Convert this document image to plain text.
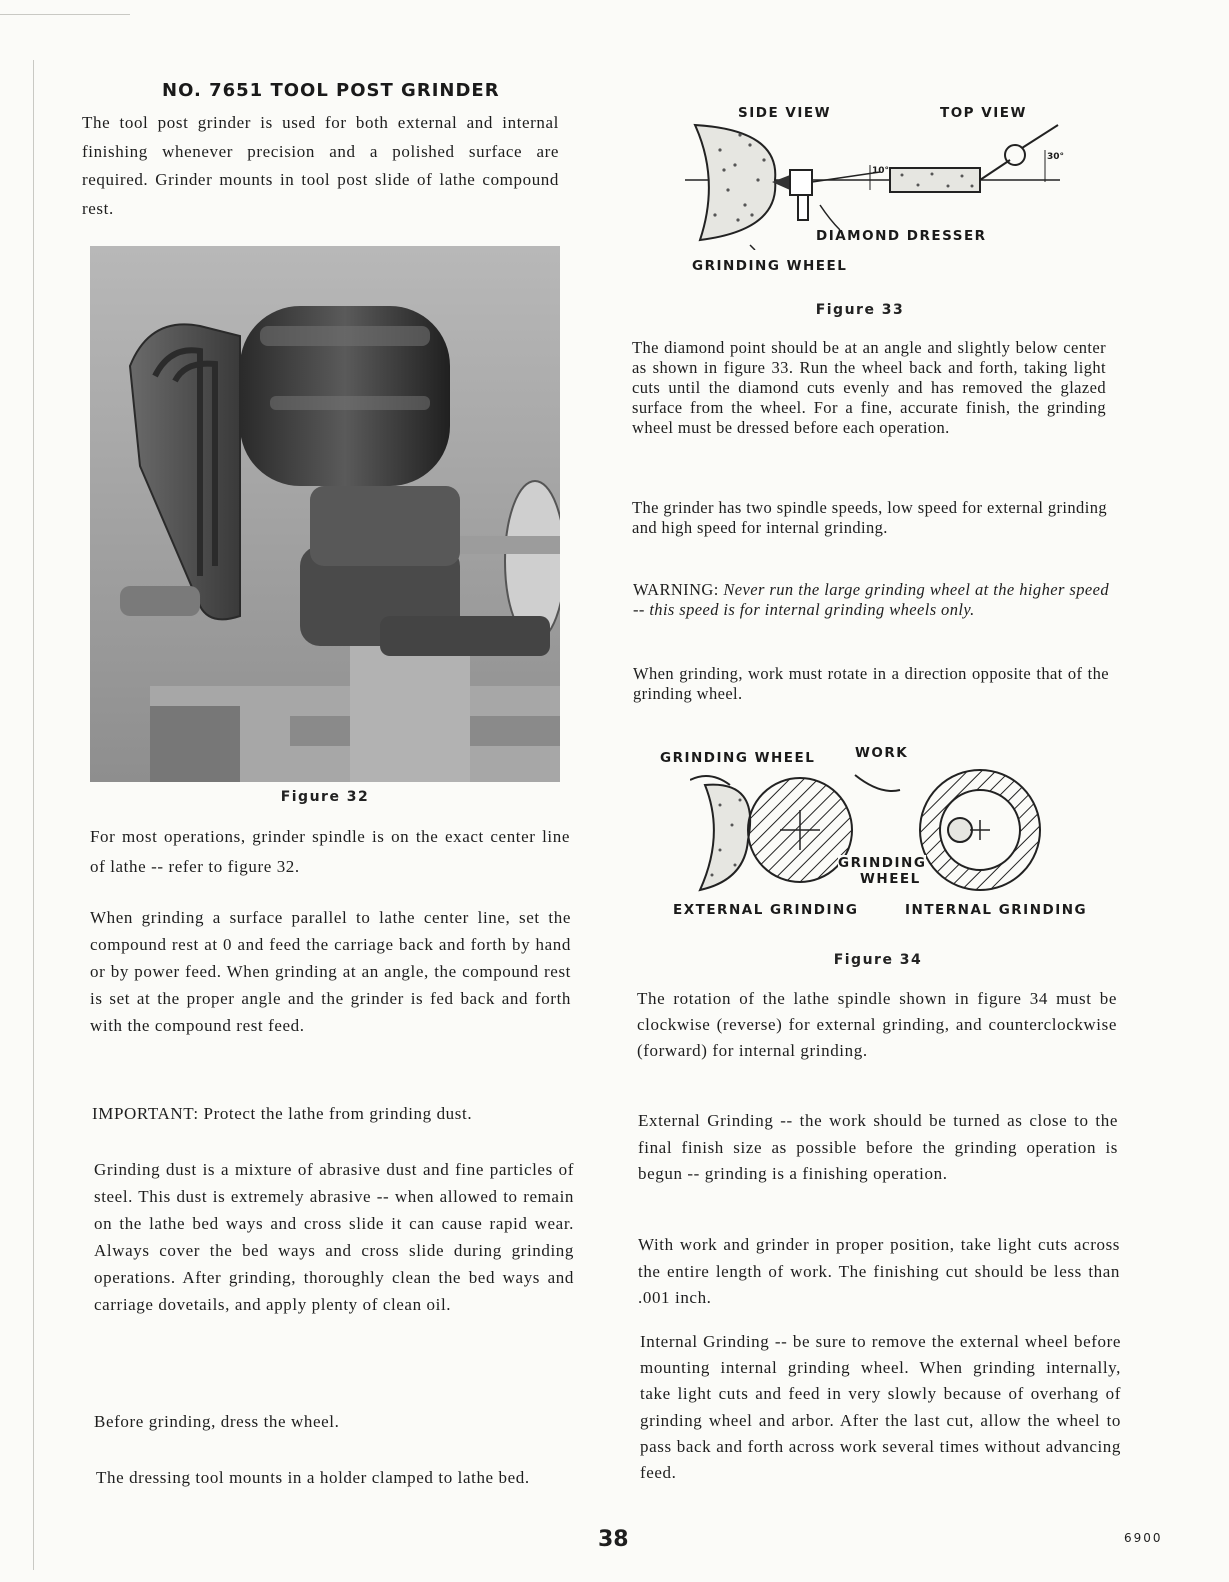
NO. 7651 TOOL POST GRINDER
The tool post grinder is used for both external and internal finishing whenever precision and a polished surface are required. Grinder mounts in tool post slide of lathe compound rest.
Figure 32
For most operations, grinder spindle is on the exact center line of lathe -- refer to figure 32.
When grinding a surface parallel to lathe center line, set the compound rest at 0 and feed the carriage back and forth by hand or by power feed. When grinding at an angle, the compound rest is set at the proper angle and the grinder is fed back and forth with the compound rest feed.
IMPORTANT: Protect the lathe from grinding dust.
Grinding dust is a mixture of abrasive dust and fine particles of steel. This dust is extremely abrasive -- when allowed to remain on the lathe bed ways and cross slide it can cause rapid wear. Always cover the bed ways and cross slide during grinding operations. After grinding, thoroughly clean the bed ways and carriage dovetails, and apply plenty of clean oil.
Before grinding, dress the wheel.
The dressing tool mounts in a holder clamped to lathe bed.
SIDE VIEW	TOP VIEW
10°
30°
DIAMOND DRESSER
GRINDING WHEEL
Figure 33
The diamond point should be at an angle and slightly below center as shown in figure 33. Run the wheel back and forth, taking light cuts until the diamond cuts evenly and has removed the glazed surface from the wheel. For a fine, accurate finish, the grinding wheel must be dressed before each operation.
The grinder has two spindle speeds, low speed for external grinding and high speed for internal grinding.
WARNING: Never run the large grinding wheel at the higher speed -- this speed is for internal grinding wheels only.
When grinding, work must rotate in a direction opposite that of the grinding wheel.
GRINDING WHEEL	WORK
GRINDING
WHEEL
EXTERNAL GRINDING	INTERNAL GRINDING
Figure 34
The rotation of the lathe spindle shown in figure 34 must be clockwise (reverse) for external grinding, and counterclockwise (forward) for internal grinding.
External Grinding -- the work should be turned as close to the final finish size as possible before the grinding operation is begun -- grinding is a finishing operation.
With work and grinder in proper position, take light cuts across the entire length of work. The finishing cut should be less than .001 inch.
Internal Grinding -- be sure to remove the external wheel before mounting internal grinding wheel. When grinding internally, take light cuts and feed in very slowly because of overhang of grinding wheel and arbor. After the last cut, allow the wheel to pass back and forth across work several times without advancing feed.
38	6900
